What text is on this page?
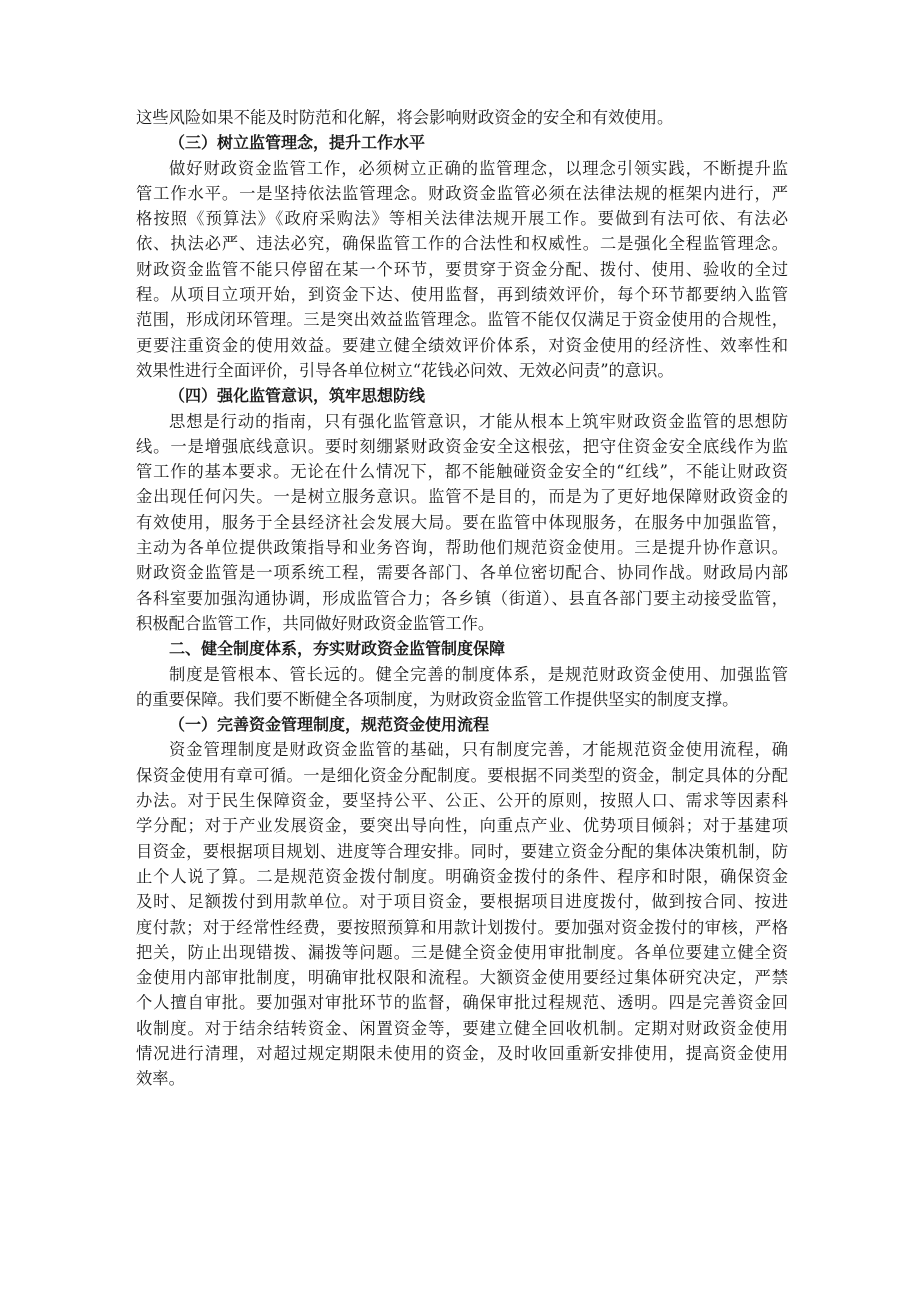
这些风险如果不能及时防范和化解，将会影响财政资金的安全和有效使用。
（三）树立监管理念，提升工作水平
做好财政资金监管工作，必须树立正确的监管理念，以理念引领实践，不断提升监
管工作水平。一是坚持依法监管理念。财政资金监管必须在法律法规的框架内进行，严
格按照《预算法》《政府采购法》等相关法律法规开展工作。要做到有法可依、有法必
依、执法必严、违法必究，确保监管工作的合法性和权威性。二是强化全程监管理念。
财政资金监管不能只停留在某一个环节，要贯穿于资金分配、拨付、使用、验收的全过
程。从项目立项开始，到资金下达、使用监督，再到绩效评价，每个环节都要纳入监管
范围，形成闭环管理。三是突出效益监管理念。监管不能仅仅满足于资金使用的合规性，
更要注重资金的使用效益。要建立健全绩效评价体系，对资金使用的经济性、效率性和
效果性进行全面评价，引导各单位树立“花钱必问效、无效必问责”的意识。
（四）强化监管意识，筑牢思想防线
思想是行动的指南，只有强化监管意识，才能从根本上筑牢财政资金监管的思想防
线。一是增强底线意识。要时刻绷紧财政资金安全这根弦，把守住资金安全底线作为监
管工作的基本要求。无论在什么情况下，都不能触碰资金安全的“红线”，不能让财政资
金出现任何闪失。一是树立服务意识。监管不是目的，而是为了更好地保障财政资金的
有效使用，服务于全县经济社会发展大局。要在监管中体现服务，在服务中加强监管，
主动为各单位提供政策指导和业务咨询，帮助他们规范资金使用。三是提升协作意识。
财政资金监管是一项系统工程，需要各部门、各单位密切配合、协同作战。财政局内部
各科室要加强沟通协调，形成监管合力；各乡镇（街道）、县直各部门要主动接受监管，
积极配合监管工作，共同做好财政资金监管工作。
二、健全制度体系，夯实财政资金监管制度保障
制度是管根本、管长远的。健全完善的制度体系，是规范财政资金使用、加强监管
的重要保障。我们要不断健全各项制度，为财政资金监管工作提供坚实的制度支撑。
（一）完善资金管理制度，规范资金使用流程
资金管理制度是财政资金监管的基础，只有制度完善，才能规范资金使用流程，确
保资金使用有章可循。一是细化资金分配制度。要根据不同类型的资金，制定具体的分配
办法。对于民生保障资金，要坚持公平、公正、公开的原则，按照人口、需求等因素科
学分配；对于产业发展资金，要突出导向性，向重点产业、优势项目倾斜；对于基建项
目资金，要根据项目规划、进度等合理安排。同时，要建立资金分配的集体决策机制，防
止个人说了算。二是规范资金拨付制度。明确资金拨付的条件、程序和时限，确保资金
及时、足额拨付到用款单位。对于项目资金，要根据项目进度拨付，做到按合同、按进
度付款；对于经常性经费，要按照预算和用款计划拨付。要加强对资金拨付的审核，严格
把关，防止出现错拨、漏拨等问题。三是健全资金使用审批制度。各单位要建立健全资
金使用内部审批制度，明确审批权限和流程。大额资金使用要经过集体研究决定，严禁
个人擅自审批。要加强对审批环节的监督，确保审批过程规范、透明。四是完善资金回
收制度。对于结余结转资金、闲置资金等，要建立健全回收机制。定期对财政资金使用
情况进行清理，对超过规定期限未使用的资金，及时收回重新安排使用，提高资金使用
效率。
